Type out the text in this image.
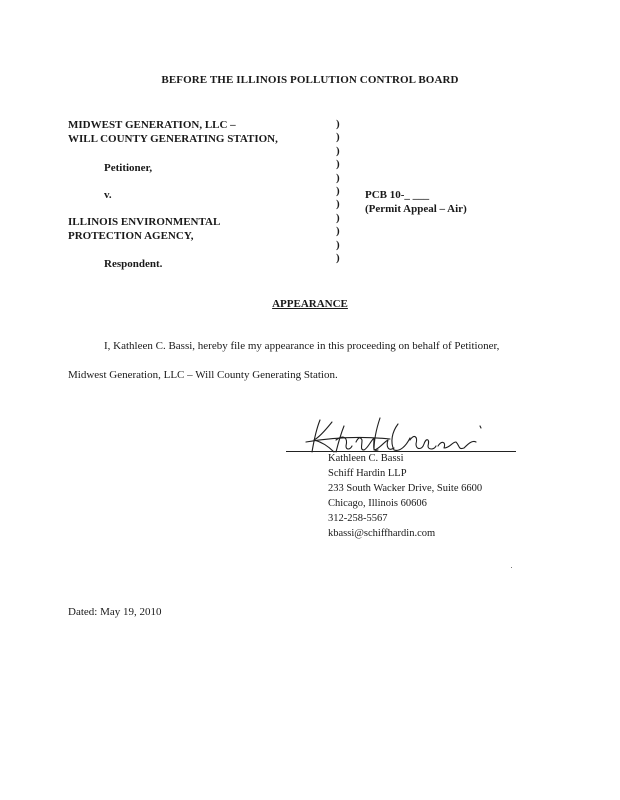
BEFORE THE ILLINOIS POLLUTION CONTROL BOARD
MIDWEST GENERATION, LLC –
WILL COUNTY GENERATING STATION,
Petitioner,
v.
ILLINOIS ENVIRONMENTAL
PROTECTION AGENCY,
Respondent.
)
)
)
)
)
)
)
)
)
)
)
PCB 10-_ ___
(Permit Appeal – Air)
APPEARANCE
I, Kathleen C. Bassi, hereby file my appearance in this proceeding on behalf of Petitioner,
Midwest Generation, LLC – Will County Generating Station.
Kathleen C. Bassi
Schiff Hardin LLP
233 South Wacker Drive, Suite 6600
Chicago, Illinois 60606
312-258-5567
kbassi@schiffhardin.com
Dated: May 19, 2010
